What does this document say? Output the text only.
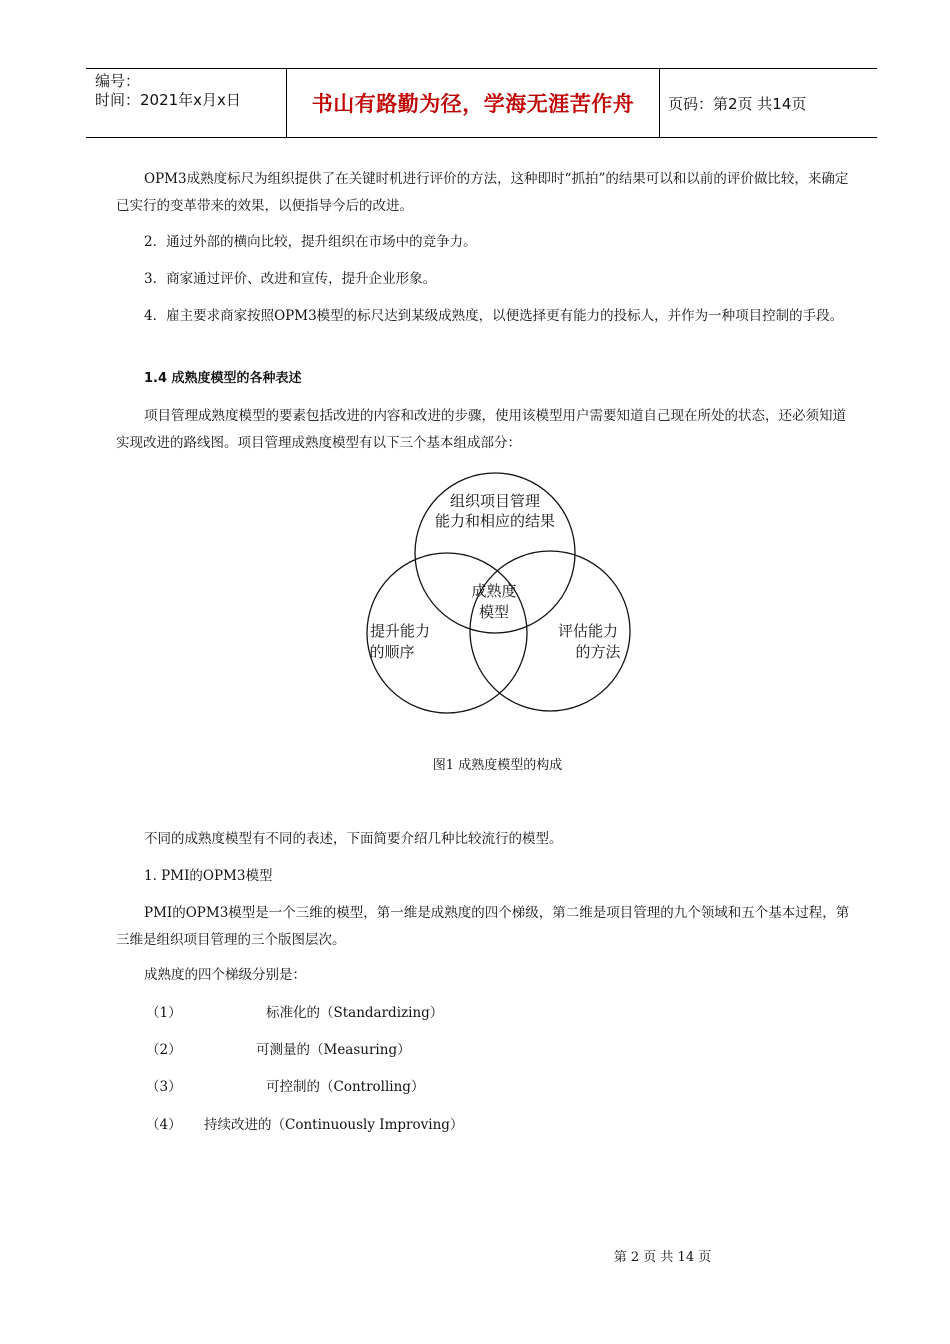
编号：
时间：2021年x月x日	书山有路勤为径，学海无涯苦作舟	页码：第2页 共14页
OPM3成熟度标尺为组织提供了在关键时机进行评价的方法，这种即时“抓拍”的结果可以和以前的评价做比较，来确定已实行的变革带来的效果，以便指导今后的改进。
2．通过外部的横向比较，提升组织在市场中的竞争力。
3．商家通过评价、改进和宣传，提升企业形象。
4．雇主要求商家按照OPM3模型的标尺达到某级成熟度，以便选择更有能力的投标人，并作为一种项目控制的手段。
1.4 成熟度模型的各种表述
项目管理成熟度模型的要素包括改进的内容和改进的步骤，使用该模型用户需要知道自己现在所处的状态，还必须知道实现改进的路线图。项目管理成熟度模型有以下三个基本组成部分：
组织项目管理
能力和相应的结果
成熟度
模型
提升能力
的顺序
评估能力
的方法
图1 成熟度模型的构成
不同的成熟度模型有不同的表述，下面简要介绍几种比较流行的模型。
1. PMI的OPM3模型
PMI的OPM3模型是一个三维的模型，第一维是成熟度的四个梯级，第二维是项目管理的九个领域和五个基本过程，第三维是组织项目管理的三个版图层次。
成熟度的四个梯级分别是：
（1）	标准化的（Standardizing）
（2）	可测量的（Measuring）
（3）	可控制的（Controlling）
（4） 持续改进的（Continuously Improving）
第 2 页 共 14 页
